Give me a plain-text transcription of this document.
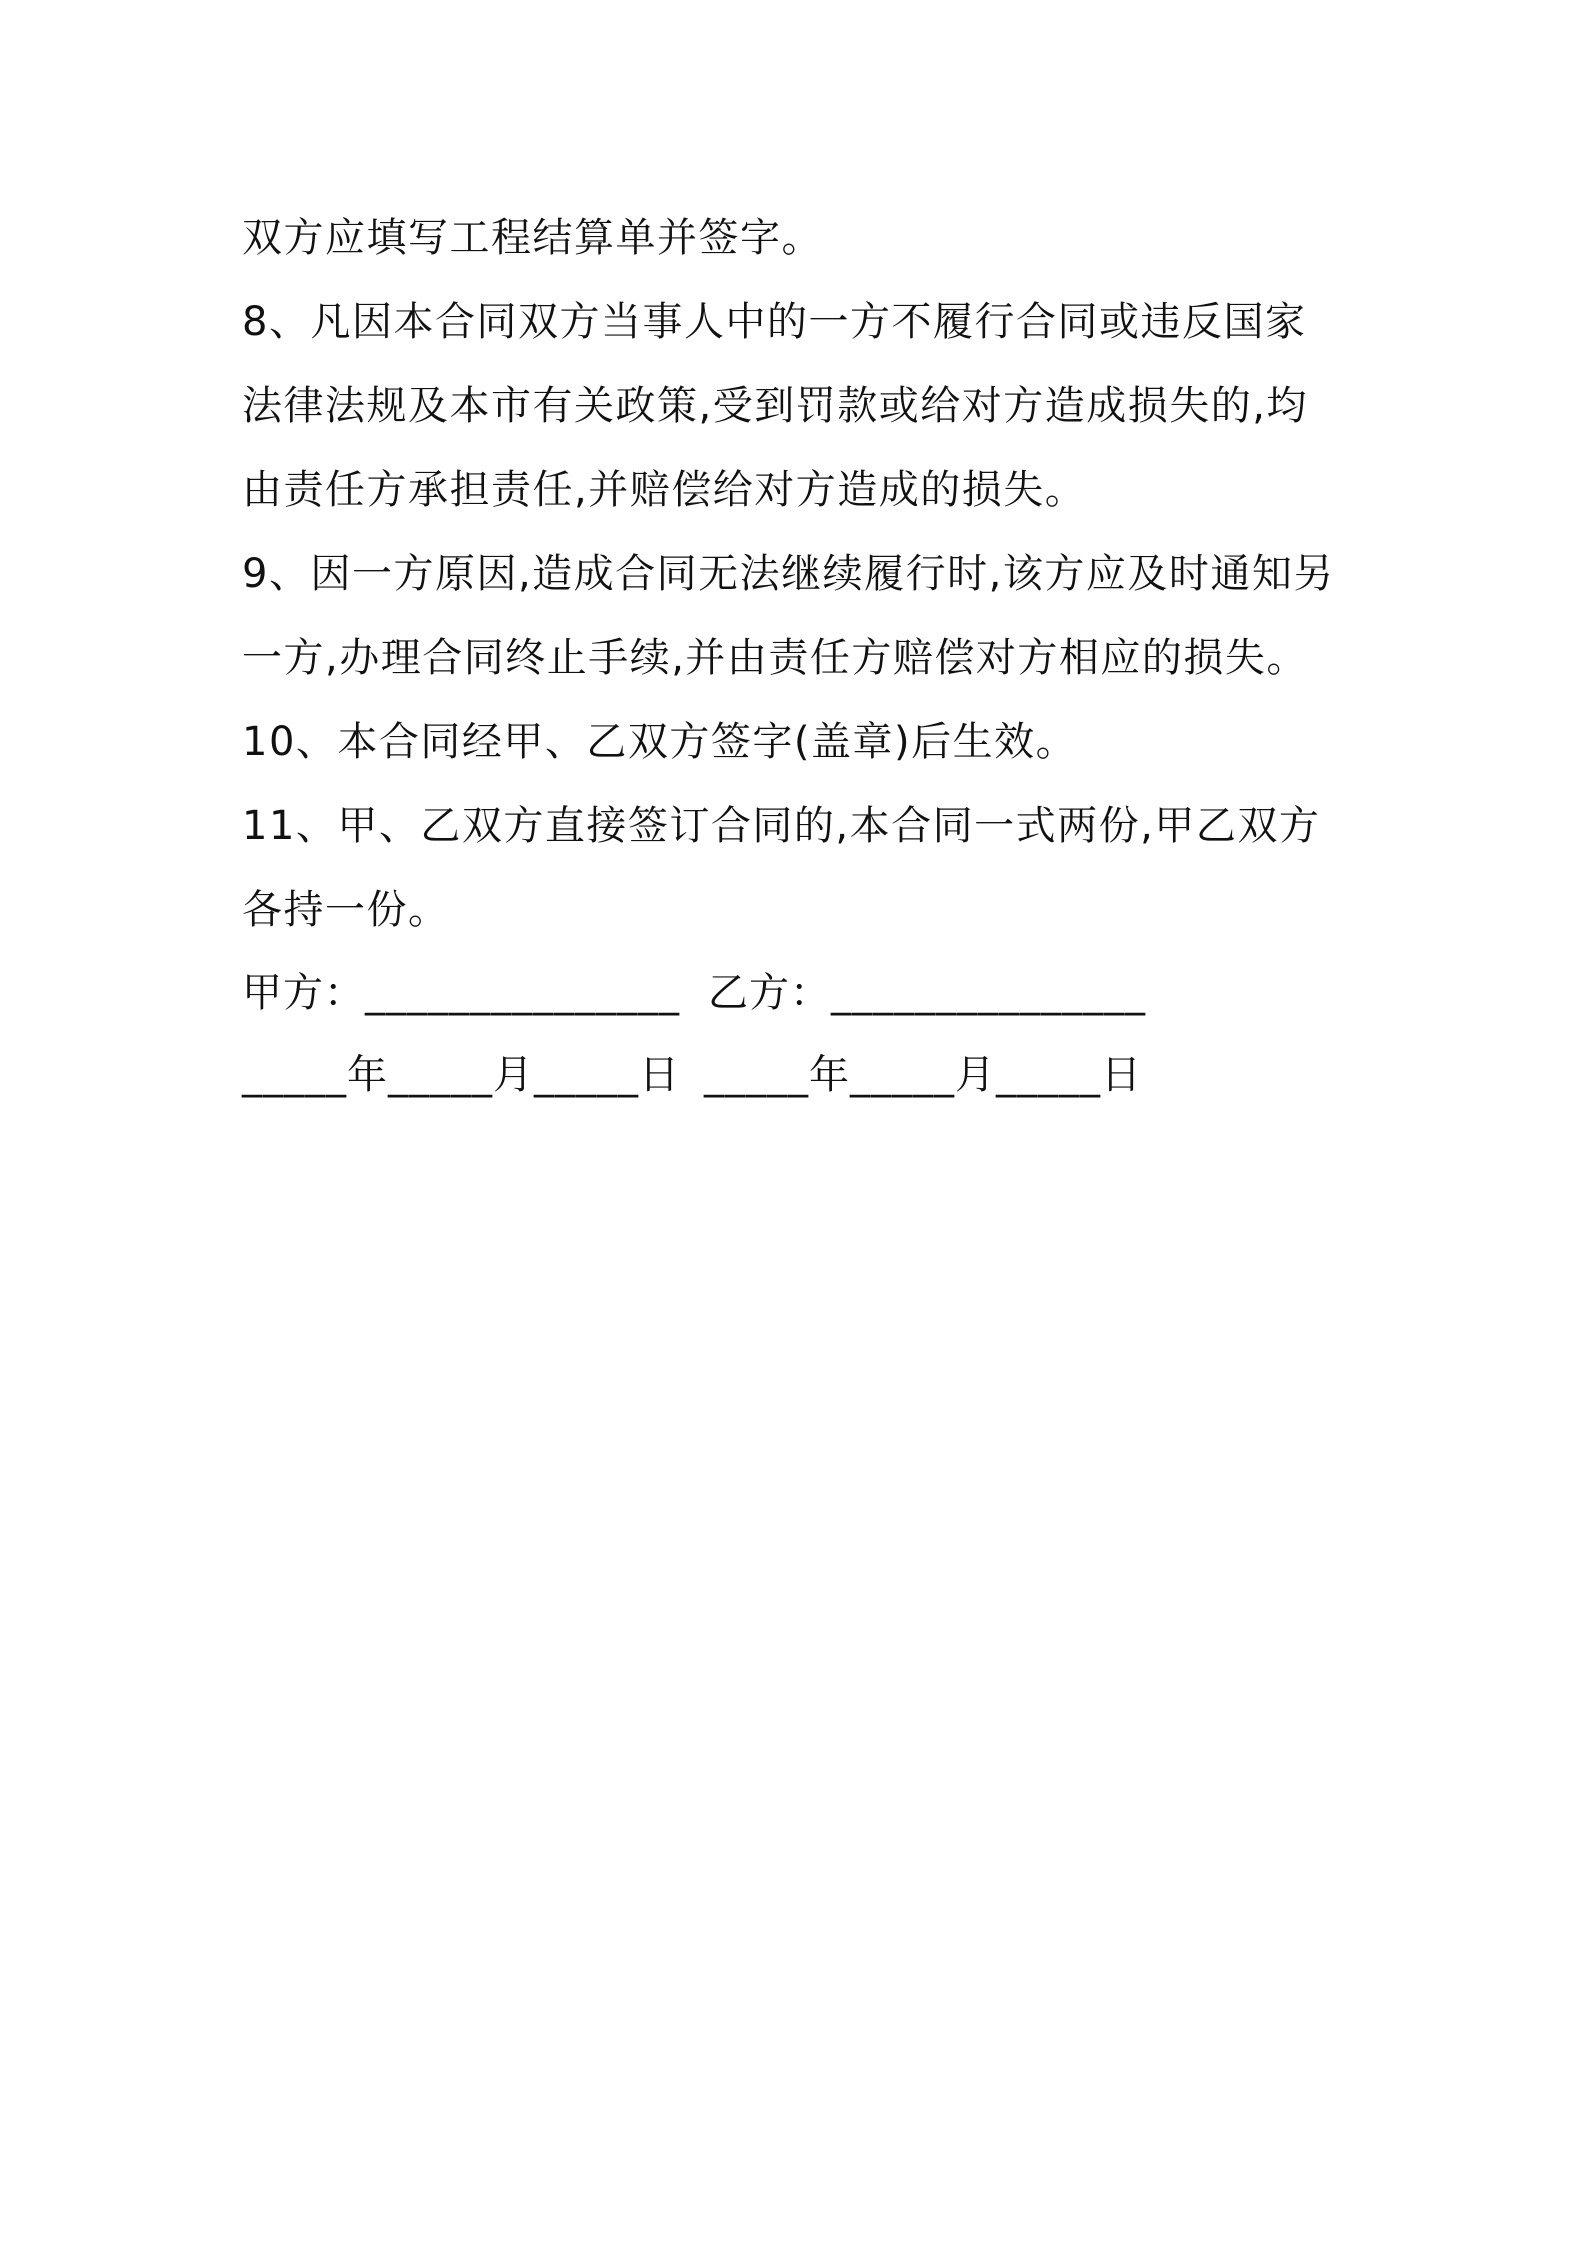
双方应填写工程结算单并签字。
8、凡因本合同双方当事人中的一方不履行合同或违反国家
法律法规及本市有关政策,受到罚款或给对方造成损失的,均
由责任方承担责任,并赔偿给对方造成的损失。
9、因一方原因,造成合同无法继续履行时,该方应及时通知另
一方,办理合同终止手续,并由责任方赔偿对方相应的损失。
10、本合同经甲、乙双方签字(盖章)后生效。
11、甲、乙双方直接签订合同的,本合同一式两份,甲乙双方
各持一份。
甲方：_______________ 乙方：_______________
_____年_____月_____日 _____年_____月_____日
